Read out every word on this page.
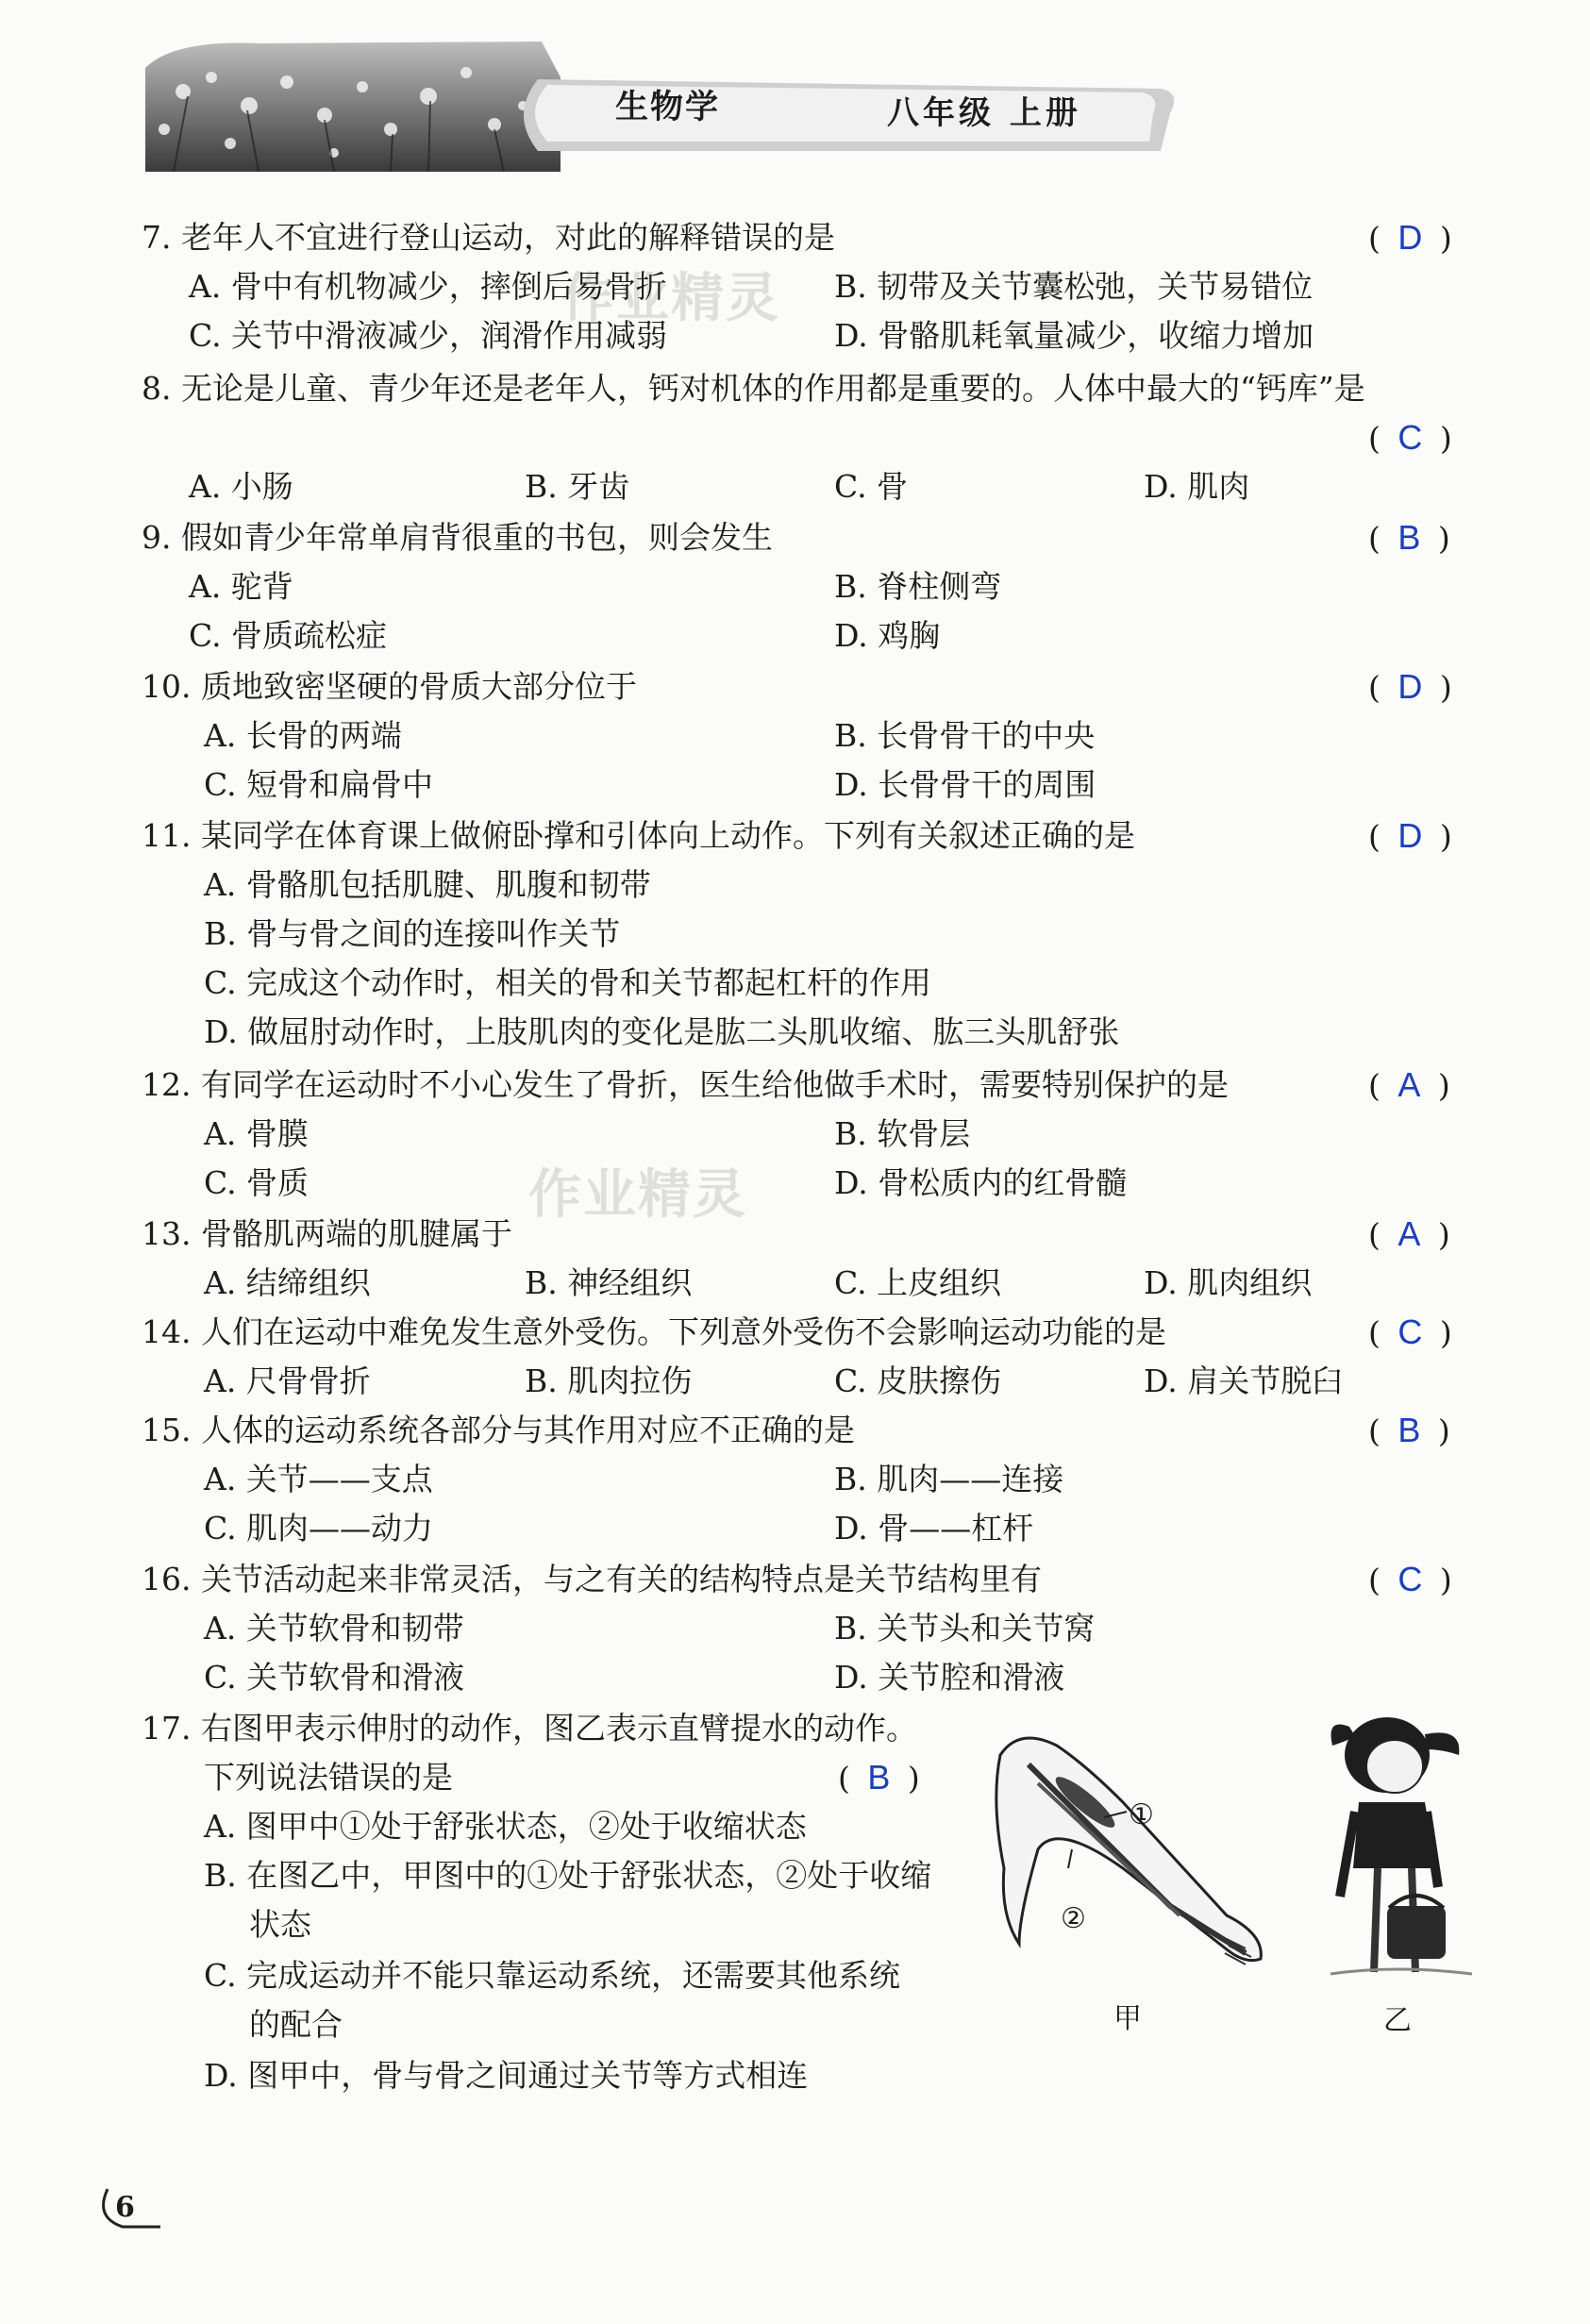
生物学	八年级 上册
作业精灵
作业精灵
7. 老年人不宜进行登山运动，对此的解释错误的是	( D )
A. 骨中有机物减少，摔倒后易骨折	B. 韧带及关节囊松弛，关节易错位
C. 关节中滑液减少，润滑作用减弱	D. 骨骼肌耗氧量减少，收缩力增加
8. 无论是儿童、青少年还是老年人，钙对机体的作用都是重要的。人体中最大的“钙库”是
( C )
A. 小肠	B. 牙齿	C. 骨	D. 肌肉
9. 假如青少年常单肩背很重的书包，则会发生	( B )
A. 驼背	B. 脊柱侧弯
C. 骨质疏松症	D. 鸡胸
10. 质地致密坚硬的骨质大部分位于	( D )
A. 长骨的两端	B. 长骨骨干的中央
C. 短骨和扁骨中	D. 长骨骨干的周围
11. 某同学在体育课上做俯卧撑和引体向上动作。下列有关叙述正确的是	( D )
A. 骨骼肌包括肌腱、肌腹和韧带
B. 骨与骨之间的连接叫作关节
C. 完成这个动作时，相关的骨和关节都起杠杆的作用
D. 做屈肘动作时，上肢肌肉的变化是肱二头肌收缩、肱三头肌舒张
12. 有同学在运动时不小心发生了骨折，医生给他做手术时，需要特别保护的是	( A )
A. 骨膜	B. 软骨层
C. 骨质	D. 骨松质内的红骨髓
13. 骨骼肌两端的肌腱属于	( A )
A. 结缔组织	B. 神经组织	C. 上皮组织	D. 肌肉组织
14. 人们在运动中难免发生意外受伤。下列意外受伤不会影响运动功能的是	( C )
A. 尺骨骨折	B. 肌肉拉伤	C. 皮肤擦伤	D. 肩关节脱臼
15. 人体的运动系统各部分与其作用对应不正确的是	( B )
A. 关节——支点	B. 肌肉——连接
C. 肌肉——动力	D. 骨——杠杆
16. 关节活动起来非常灵活，与之有关的结构特点是关节结构里有	( C )
A. 关节软骨和韧带	B. 关节头和关节窝
C. 关节软骨和滑液	D. 关节腔和滑液
17. 右图甲表示伸肘的动作，图乙表示直臂提水的动作。
下列说法错误的是	( B )
A. 图甲中①处于舒张状态，②处于收缩状态
B. 在图乙中，甲图中的①处于舒张状态，②处于收缩
状态
C. 完成运动并不能只靠运动系统，还需要其他系统
的配合
D. 图甲中，骨与骨之间通过关节等方式相连
①
②
甲	乙
6
